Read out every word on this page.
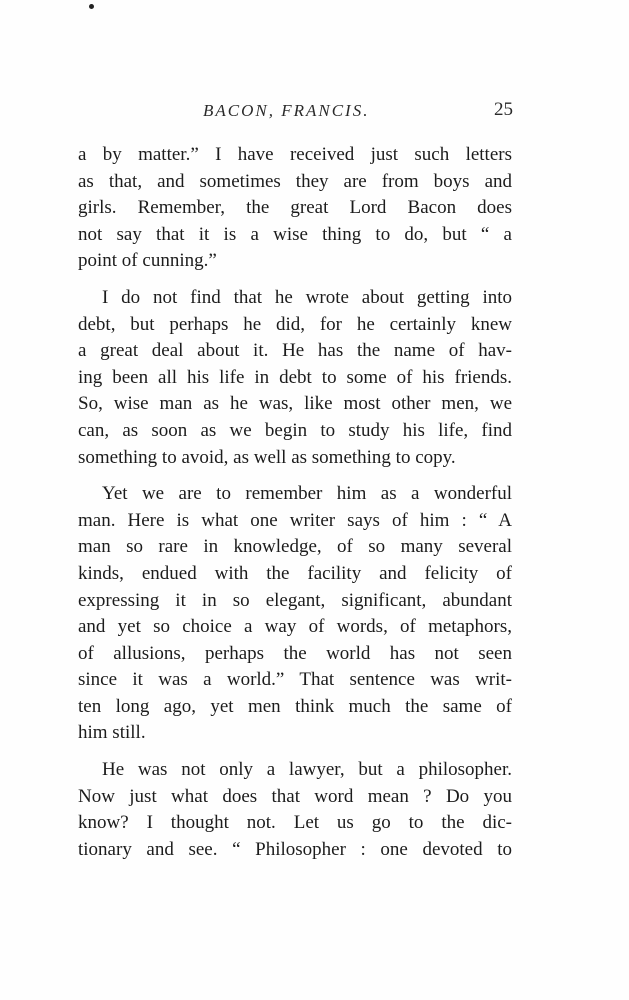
BACON, FRANCIS.	25
a by matter.” I have received just such letters
as that, and sometimes they are from boys and
girls. Remember, the great Lord Bacon does
not say that it is a wise thing to do, but “ a
point of cunning.”
I do not find that he wrote about getting into
debt, but perhaps he did, for he certainly knew
a great deal about it. He has the name of hav-
ing been all his life in debt to some of his friends.
So, wise man as he was, like most other men, we
can, as soon as we begin to study his life, find
something to avoid, as well as something to copy.
Yet we are to remember him as a wonderful
man. Here is what one writer says of him : “ A
man so rare in knowledge, of so many several
kinds, endued with the facility and felicity of
expressing it in so elegant, significant, abundant
and yet so choice a way of words, of metaphors,
of allusions, perhaps the world has not seen
since it was a world.” That sentence was writ-
ten long ago, yet men think much the same of
him still.
He was not only a lawyer, but a philosopher.
Now just what does that word mean ? Do you
know? I thought not. Let us go to the dic-
tionary and see. “ Philosopher : one devoted to
